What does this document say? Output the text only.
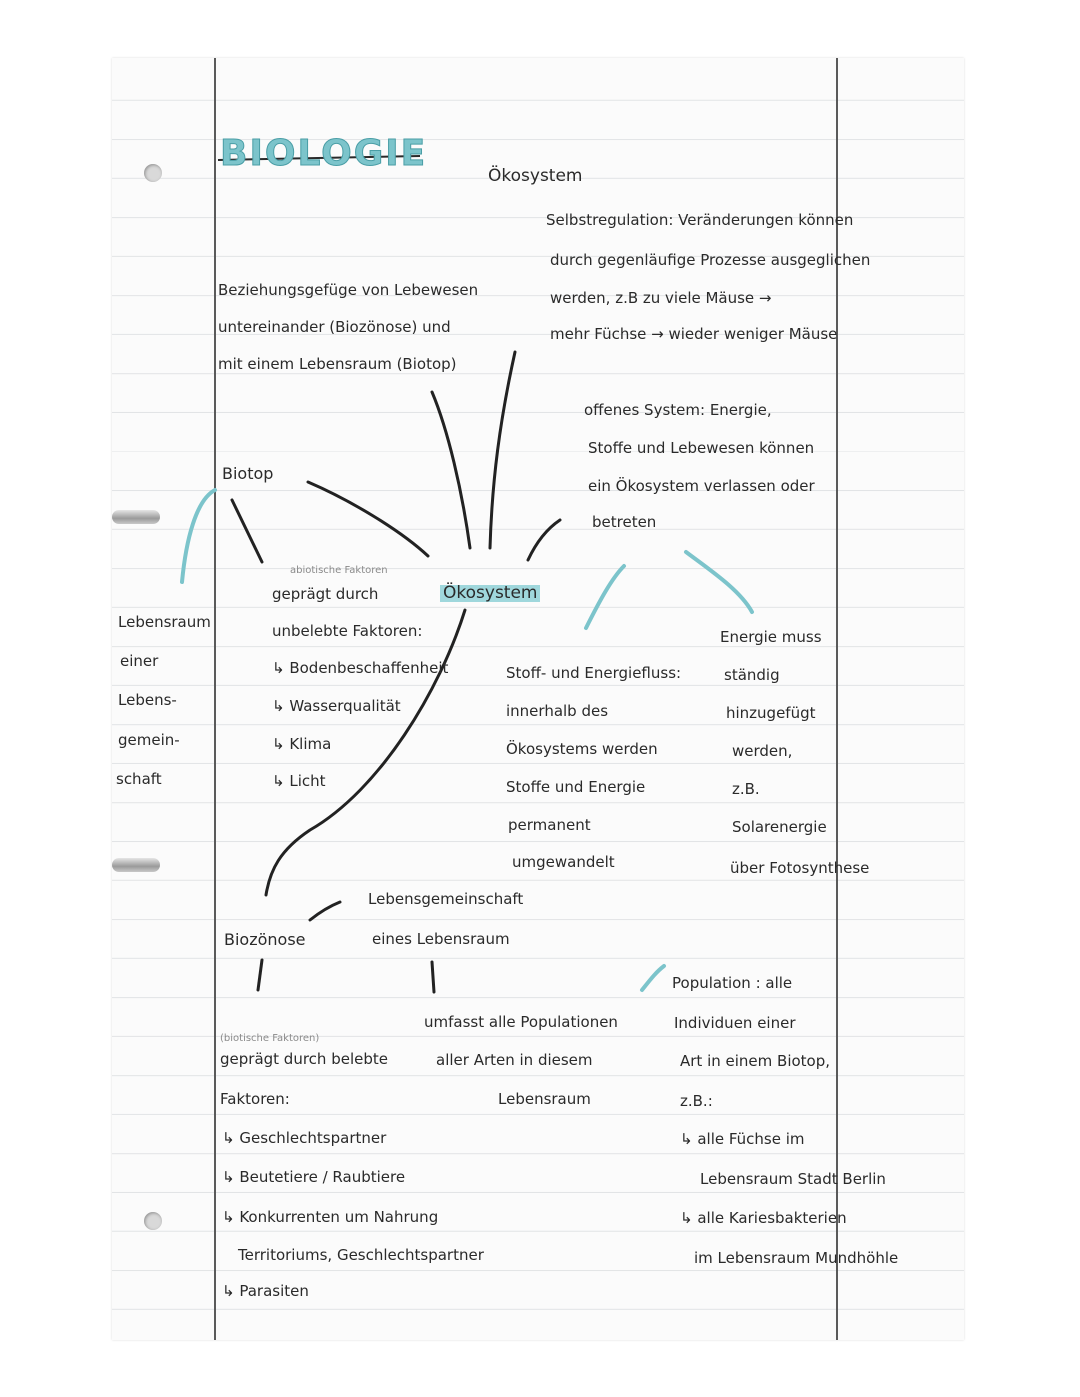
BIOLOGIE
Ökosystem
Beziehungsgefüge von Lebewesen
untereinander (Biozönose) und
mit einem Lebensraum (Biotop)
Selbstregulation: Veränderungen können
durch gegenläufige Prozesse ausgeglichen
werden, z.B zu viele Mäuse →
mehr Füchse → wieder weniger Mäuse
offenes System: Energie,
Stoffe und Lebewesen können
ein Ökosystem verlassen oder
betreten
Biotop
abiotische Faktoren
geprägt durch
unbelebte Faktoren:
↳ Bodenbeschaffenheit
↳ Wasserqualität
↳ Klima
↳ Licht
Ökosystem
Lebensraum
einer
Lebens-
gemein-
schaft
Stoff- und Energiefluss:
innerhalb des
Ökosystems werden
Stoffe und Energie
permanent
umgewandelt
Energie muss
ständig
hinzugefügt
werden,
z.B.
Solarenergie
über Fotosynthese
Lebensgemeinschaft
eines Lebensraum
Biozönose
(biotische Faktoren)
geprägt durch belebte
Faktoren:
↳ Geschlechtspartner
↳ Beutetiere / Raubtiere
↳ Konkurrenten um Nahrung
Territoriums, Geschlechtspartner
↳ Parasiten
umfasst alle Populationen
aller Arten in diesem
Lebensraum
Population : alle
Individuen einer
Art in einem Biotop,
z.B.:
↳ alle Füchse im
Lebensraum Stadt Berlin
↳ alle Kariesbakterien
im Lebensraum Mundhöhle
